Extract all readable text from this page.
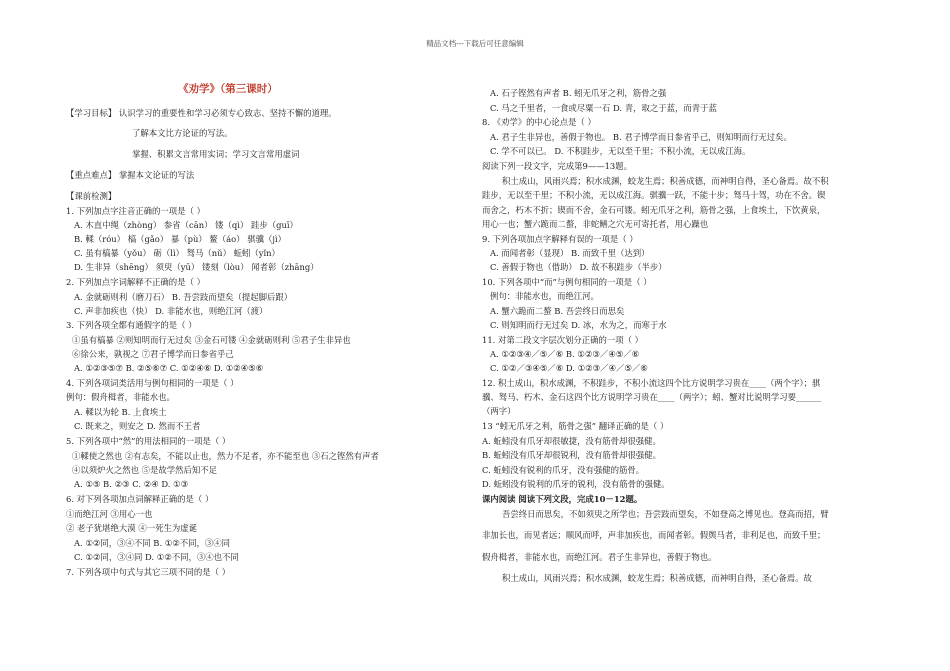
精品文档---下载后可任意编辑
《劝学》（第三课时）
【学习目标】 认识学习的重要性和学习必须专心致志、坚持不懈的道理。
了解本文比方论证的写法。
掌握、积累文言常用实词；学习文言常用虚词
【重点难点】 掌握本文论证的写法
【课前检测】
1. 下列加点字注音正确的一项是（ ）
A. 木直中绳（zhòng） 参省（cān） 镂（qì） 跬步（guī）
B. 輮（róu） 槁（gǎo） 暴（pù） 鳌（áo） 骐骥（jì）
C. 虽有槁暴（yǒu） 砺（lì） 驽马（nǔ） 蚯蚓（yǐn）
D. 生非异（shēng） 须臾（yū） 镂刻（lòu） 闻者彰（zhāng）
2. 下列加点字词解释不正确的是（ ）
A. 金就砺则利（磨刀石） B. 吾尝跂而望矣（提起脚后跟）
C. 声非加疾也（快） D. 非能水也，则绝江河（渡）
3. 下列各项全都有通假字的是（ ）
①虽有槁暴 ②则知明而行无过矣 ③金石可镂 ④金就砺则利 ⑤君子生非异也
⑥徐公来，孰视之 ⑦君子博学而日参省乎己
A. ①②③⑤⑦ B. ②⑤⑥⑦ C. ①②④⑥ D. ①②④⑤⑥
4. 下列各项词类活用与例句相同的一项是（ ）
例句：假舟楫者，非能水也。
A. 輮以为轮 B. 上食埃土
C. 既来之，则安之 D. 然而不王者
5. 下列各项中“然”的用法相同的一项是（ ）
①輮使之然也 ②有志矣，不能以止也，然力不足者，亦不能至也 ③石之铿然有声者
④以须炉火之然也 ⑤是故学然后知不足
A. ①⑤ B. ②③ C. ②④ D. ①③
6. 对下列各项加点词解释正确的是（ ）
①而绝江河 ③用心一也
② 老子犹堪绝大漠 ④一死生为虚诞
A. ①②同，③④不同 B. ①②不同，③④同
C. ①②同，③④同 D. ①②不同，③④也不同
7. 下列各项中句式与其它三项不同的是（ ）
A. 石子铿然有声者 B. 蚓无爪牙之利，筋骨之强
C. 马之千里者，一食或尽粟一石 D. 青，取之于蓝，而青于蓝
8. 《劝学》的中心论点是（ ）
A. 君子生非异也，善假于物也。 B. 君子博学而日参省乎己，则知明而行无过矣。
C. 学不可以已。 D. 不积跬步，无以至千里；不积小流，无以成江海。
阅读下列一段文字，完成第9——13题。
积土成山，风雨兴焉；积水成渊，蛟龙生焉；积善成德，而神明自得，圣心备焉。故不积
跬步，无以至千里；不积小流，无以成江海。骐骥一跃，不能十步；驽马十驾，功在不舍。锲
而舍之，朽木不折；锲而不舍，金石可镂。蚓无爪牙之利，筋骨之强，上食埃土，下饮黄泉，
用心一也；蟹六跪而二螯，非蛇鳝之穴无可寄托者，用心躁也
9. 下列各项加点字解释有误的一项是（ ）
A. 而闻者彰（显现） B. 而致千里（达到）
C. 善假于物也（借助） D. 故不积跬步（半步）
10. 下列各项中“而”与例句相同的一项是（ ）
例句：非能水也，而绝江河。
A. 蟹六跪而二螯 B. 吾尝终日而思矣
C. 则知明而行无过矣 D. 冰，水为之，而寒于水
11. 对第二段文字层次划分正确的一项（ ）
A. ①②③④／⑤／⑥ B. ①②③／④⑤／⑥
C. ①②／③④⑤／⑥ D. ①②③／④／⑤／⑥
12. 积土成山，积水成渊，不积跬步，不积小流这四个比方说明学习贵在____（两个字）；骐
骥、驽马、朽木、金石这四个比方说明学习贵在____（两字）；蚓、蟹对比说明学习要______
（两字）
13 “蚓无爪牙之利，筋骨之强” 翻译正确的是（ ）
A. 蚯蚓没有爪牙却很敏捷，没有筋骨却很强健。
B. 蚯蚓没有爪牙却很锐利，没有筋骨却很强健。
C. 蚯蚓没有锐利的爪牙，没有强健的筋骨。
D. 蚯蚓没有锐利的爪牙的锐利，没有筋骨的强健。
课内阅读 阅读下列文段，完成10－12题。
吾尝终日而思矣，不如须臾之所学也；吾尝跂而望矣，不如登高之博见也。登高而招，臂
非加长也，而见者远；顺风而呼，声非加疾也，而闻者彰。假舆马者，非利足也，而致千里；
假舟楫者，非能水也，而绝江河。君子生非异也，善假于物也。
积土成山，风雨兴焉；积水成渊，蛟龙生焉；积善成德，而神明自得，圣心备焉。故
